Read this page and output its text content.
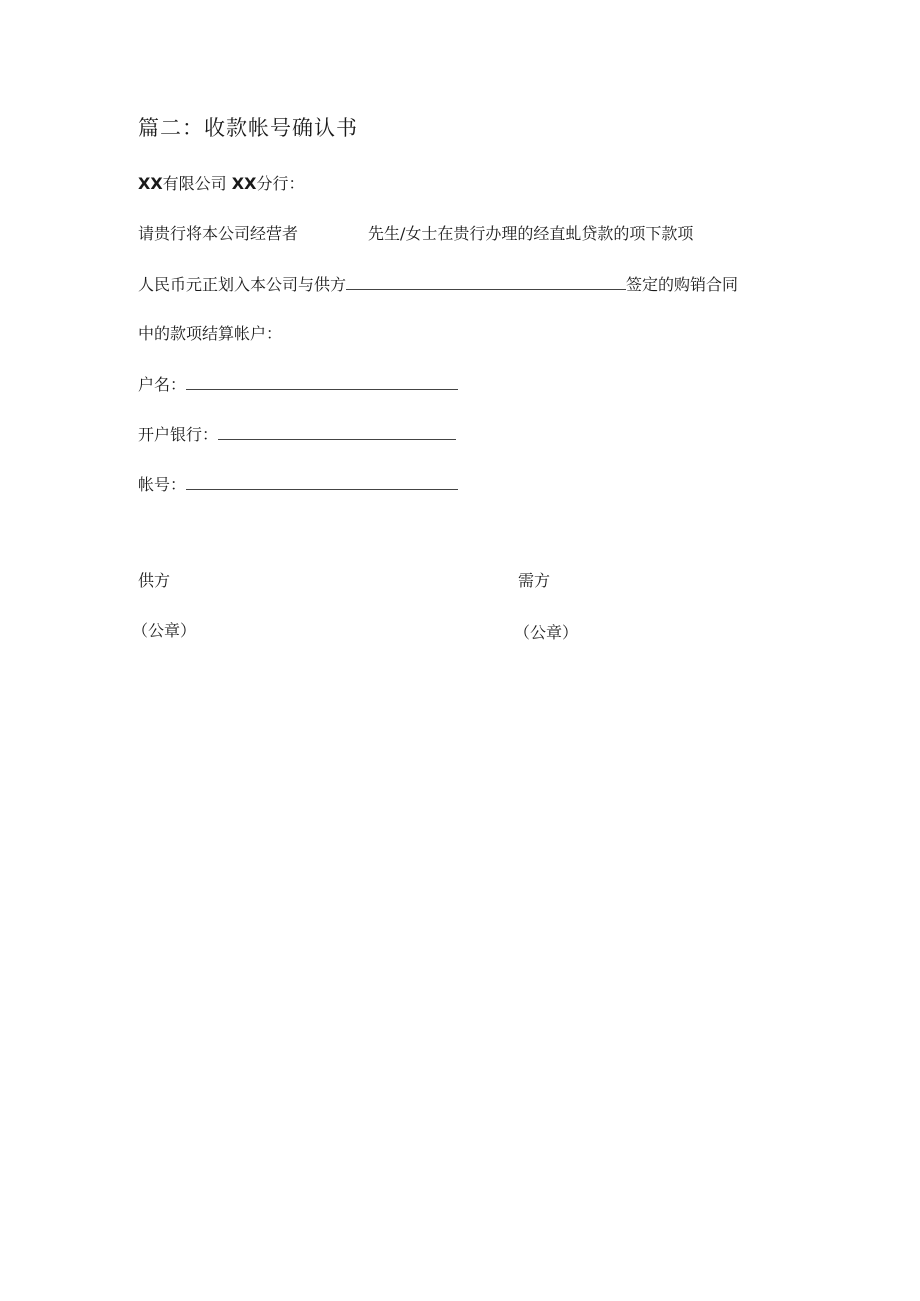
篇二：收款帐号确认书
XX有限公司 XX分行：
请贵行将本公司经营者	先生/女士在贵行办理的经直虬贷款的项下款项
人民币元正划入本公司与供方	签定的购销合同
中的款项结算帐户：
户名：
开户银行：
帐号：
供方	需方
（公章）	（公章）
